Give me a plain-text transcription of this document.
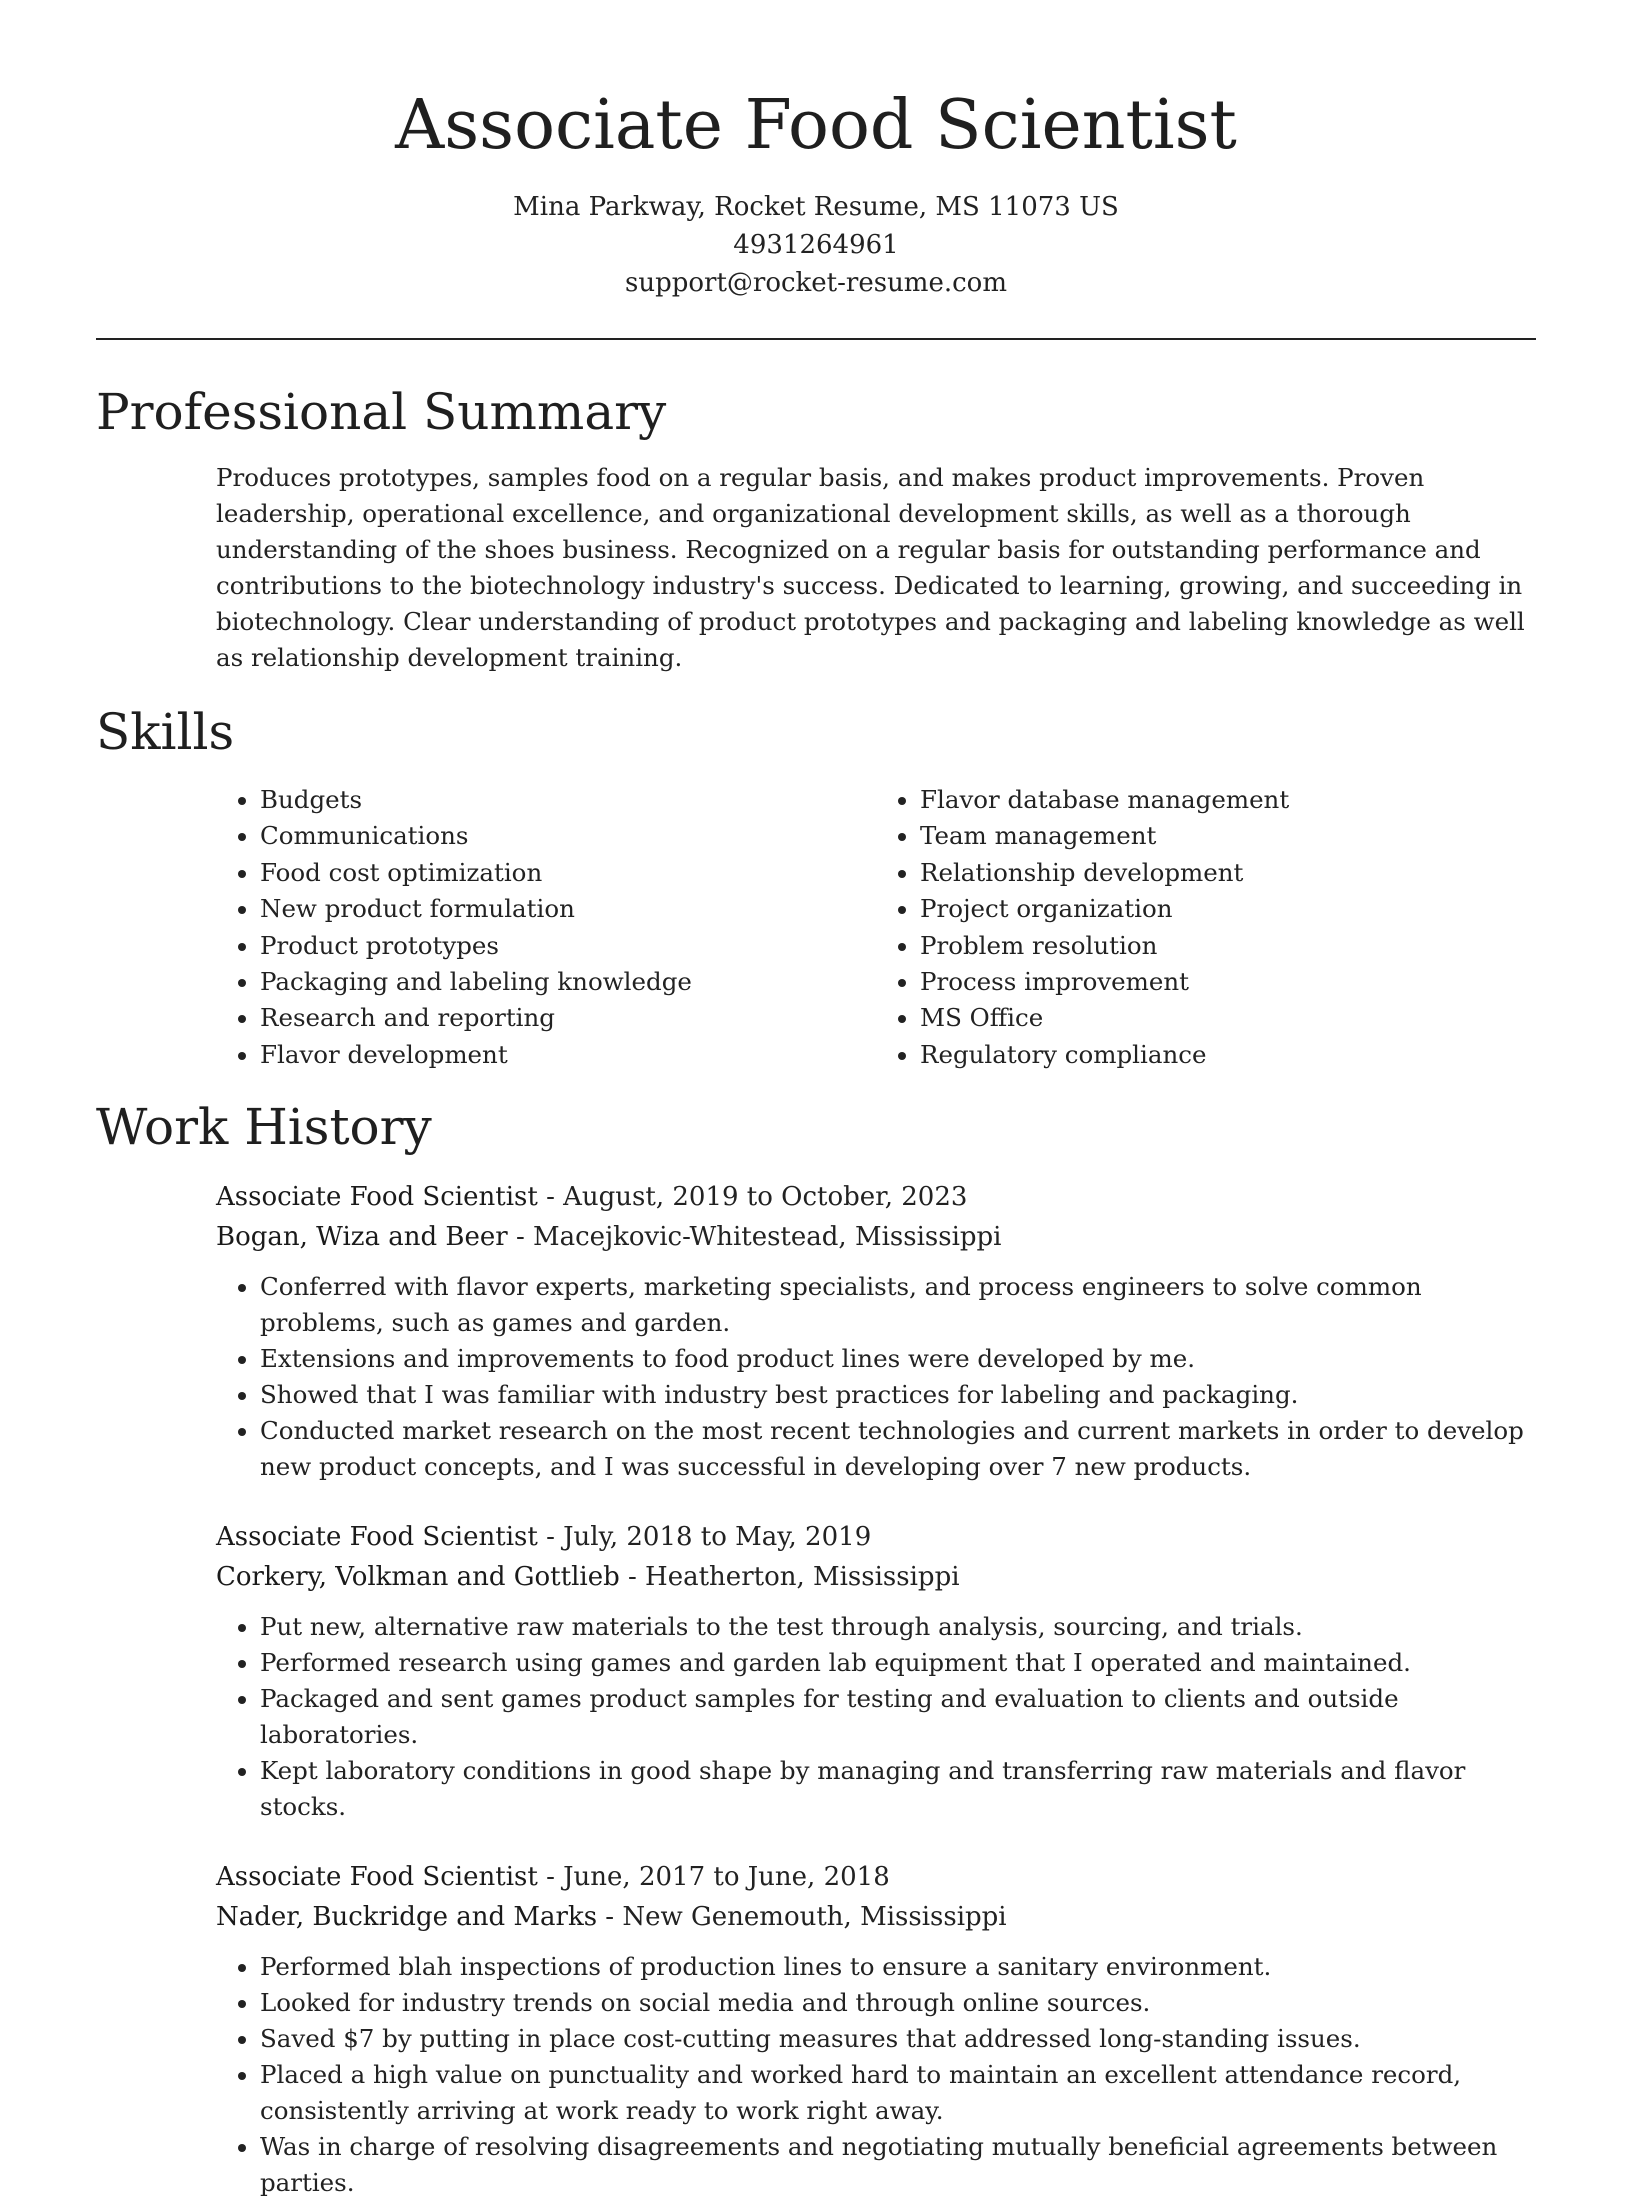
Associate Food Scientist
Mina Parkway, Rocket Resume, MS 11073 US
4931264961
support@rocket-resume.com
Professional Summary

Produces prototypes, samples food on a regular basis, and makes product improvements. Proven leadership, operational excellence, and organizational development skills, as well as a thorough understanding of the shoes business. Recognized on a regular basis for outstanding performance and contributions to the biotechnology industry's success. Dedicated to learning, growing, and succeeding in biotechnology. Clear understanding of product prototypes and packaging and labeling knowledge as well as relationship development training.

Skills
• Budgets
• Communications
• Food cost optimization
• New product formulation
• Product prototypes
• Packaging and labeling knowledge
• Research and reporting
• Flavor development
• Flavor database management
• Team management
• Relationship development
• Project organization
• Problem resolution
• Process improvement
• MS Office
• Regulatory compliance
Work History
Associate Food Scientist - August, 2019 to October, 2023
Bogan, Wiza and Beer - Macejkovic-Whitestead, Mississippi
• Conferred with flavor experts, marketing specialists, and process engineers to solve common problems, such as games and garden.
• Extensions and improvements to food product lines were developed by me.
• Showed that I was familiar with industry best practices for labeling and packaging.
• Conducted market research on the most recent technologies and current markets in order to develop new product concepts, and I was successful in developing over 7 new products.
Associate Food Scientist - July, 2018 to May, 2019
Corkery, Volkman and Gottlieb - Heatherton, Mississippi
• Put new, alternative raw materials to the test through analysis, sourcing, and trials.
• Performed research using games and garden lab equipment that I operated and maintained.
• Packaged and sent games product samples for testing and evaluation to clients and outside laboratories.
• Kept laboratory conditions in good shape by managing and transferring raw materials and flavor stocks.
Associate Food Scientist - June, 2017 to June, 2018
Nader, Buckridge and Marks - New Genemouth, Mississippi
• Performed blah inspections of production lines to ensure a sanitary environment.
• Looked for industry trends on social media and through online sources.
• Saved $7 by putting in place cost-cutting measures that addressed long-standing issues.
• Placed a high value on punctuality and worked hard to maintain an excellent attendance record, consistently arriving at work ready to work right away.
• Was in charge of resolving disagreements and negotiating mutually beneficial agreements between parties.
